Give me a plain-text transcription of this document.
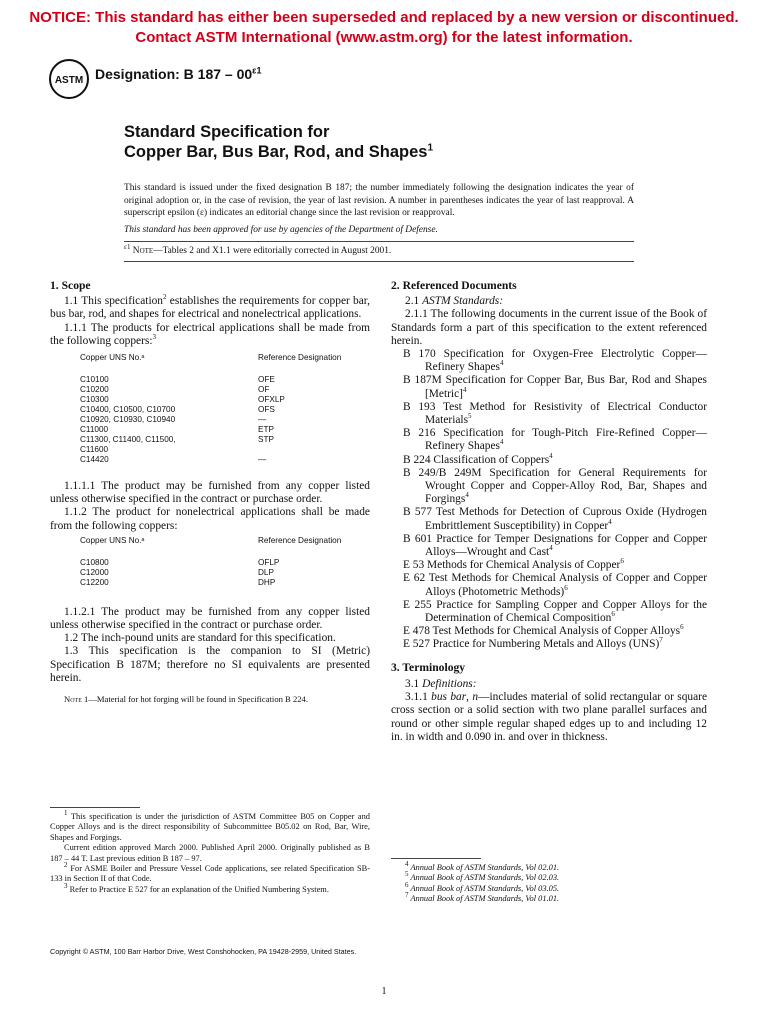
NOTICE: This standard has either been superseded and replaced by a new version or discontinued.
Contact ASTM International (www.astm.org) for the latest information.
ASTM Designation: B $187 - 00^{\varepsilon 1}$
Standard Specification for
Copper Bar, Bus Bar, Rod, and Shapes$^1$
This standard is issued under the fixed designation B 187; the number immediately following the designation indicates the year of original adoption or, in the case of revision, the year of last revision. A number in parentheses indicates the year of last reapproval. A superscript epsilon (ε) indicates an editorial change since the last revision or reapproval.
This standard has been approved for use by agencies of the Department of Defense.
$^{\varepsilon 1}$ Note—Tables 2 and X1.1 were editorially corrected in August 2001.
1. Scope

1.1 This specification$^2$ establishes the requirements for copper bar, bus bar, rod, and shapes for electrical and nonelectrical applications.

1.1.1 The products for electrical applications shall be made from the following coppers:$^3$

Copper UNS No.ᵃ	Reference Designation
C10100	OFE
C10200	OF
C10300	OFXLP
C10400, C10500, C10700	OFS
C10920, C10930, C10940	—
C11000	ETP
C11300, C11400, C11500,	STP
C11600
C14420	—

1.1.1.1 The product may be furnished from any copper listed unless otherwise specified in the contract or purchase order.

1.1.2 The product for nonelectrical applications shall be made from the following coppers:

Copper UNS No.ᵃ	Reference Designation
C10800	OFLP
C12000	DLP
C12200	DHP

1.1.2.1 The product may be furnished from any copper listed unless otherwise specified in the contract or purchase order.

1.2 The inch-pound units are standard for this specification.

1.3 This specification is the companion to SI (Metric) Specification B 187M; therefore no SI equivalents are presented herein.

Note 1—Material for hot forging will be found in Specification B 224.

$^1$ This specification is under the jurisdiction of ASTM Committee B05 on Copper and Copper Alloys and is the direct responsibility of Subcommittee B05.02 on Rod, Bar, Wire, Shapes and Forgings.

Current edition approved March 2000. Published April 2000. Originally published as B 187 – 44 T. Last previous edition B 187 – 97.

$^2$ For ASME Boiler and Pressure Vessel Code applications, see related Specification SB-133 in Section II of that Code.

$^3$ Refer to Practice E 527 for an explanation of the Unified Numbering System.

2. Referenced Documents

2.1 ASTM Standards:

2.1.1 The following documents in the current issue of the Book of Standards form a part of this specification to the extent referenced herein.

B 170 Specification for Oxygen-Free Electrolytic Copper—Refinery Shapes$^4$
B 187M Specification for Copper Bar, Bus Bar, Rod and Shapes [Metric]$^4$
B 193 Test Method for Resistivity of Electrical Conductor Materials$^5$
B 216 Specification for Tough-Pitch Fire-Refined Copper—Refinery Shapes$^4$
B 224 Classification of Coppers$^4$
B 249/B 249M Specification for General Requirements for Wrought Copper and Copper-Alloy Rod, Bar, Shapes and Forgings$^4$
B 577 Test Methods for Detection of Cuprous Oxide (Hydrogen Embrittlement Susceptibility) in Copper$^4$
B 601 Practice for Temper Designations for Copper and Copper Alloys—Wrought and Cast$^4$
E 53 Methods for Chemical Analysis of Copper$^6$
E 62 Test Methods for Chemical Analysis of Copper and Copper Alloys (Photometric Methods)$^6$
E 255 Practice for Sampling Copper and Copper Alloys for the Determination of Chemical Composition$^6$
E 478 Test Methods for Chemical Analysis of Copper Alloys$^6$
E 527 Practice for Numbering Metals and Alloys (UNS)$^7$
3. Terminology

3.1 Definitions:

3.1.1 bus bar, n—includes material of solid rectangular or square cross section or a solid section with two plane parallel surfaces and round or other simple regular shaped edges up to and including 12 in. in width and 0.090 in. and over in thickness.

$^4$ Annual Book of ASTM Standards, Vol 02.01.

$^5$ Annual Book of ASTM Standards, Vol 02.03.

$^6$ Annual Book of ASTM Standards, Vol 03.05.

$^7$ Annual Book of ASTM Standards, Vol 01.01.

Copyright © ASTM, 100 Barr Harbor Drive, West Conshohocken, PA 19428-2959, United States.
1
